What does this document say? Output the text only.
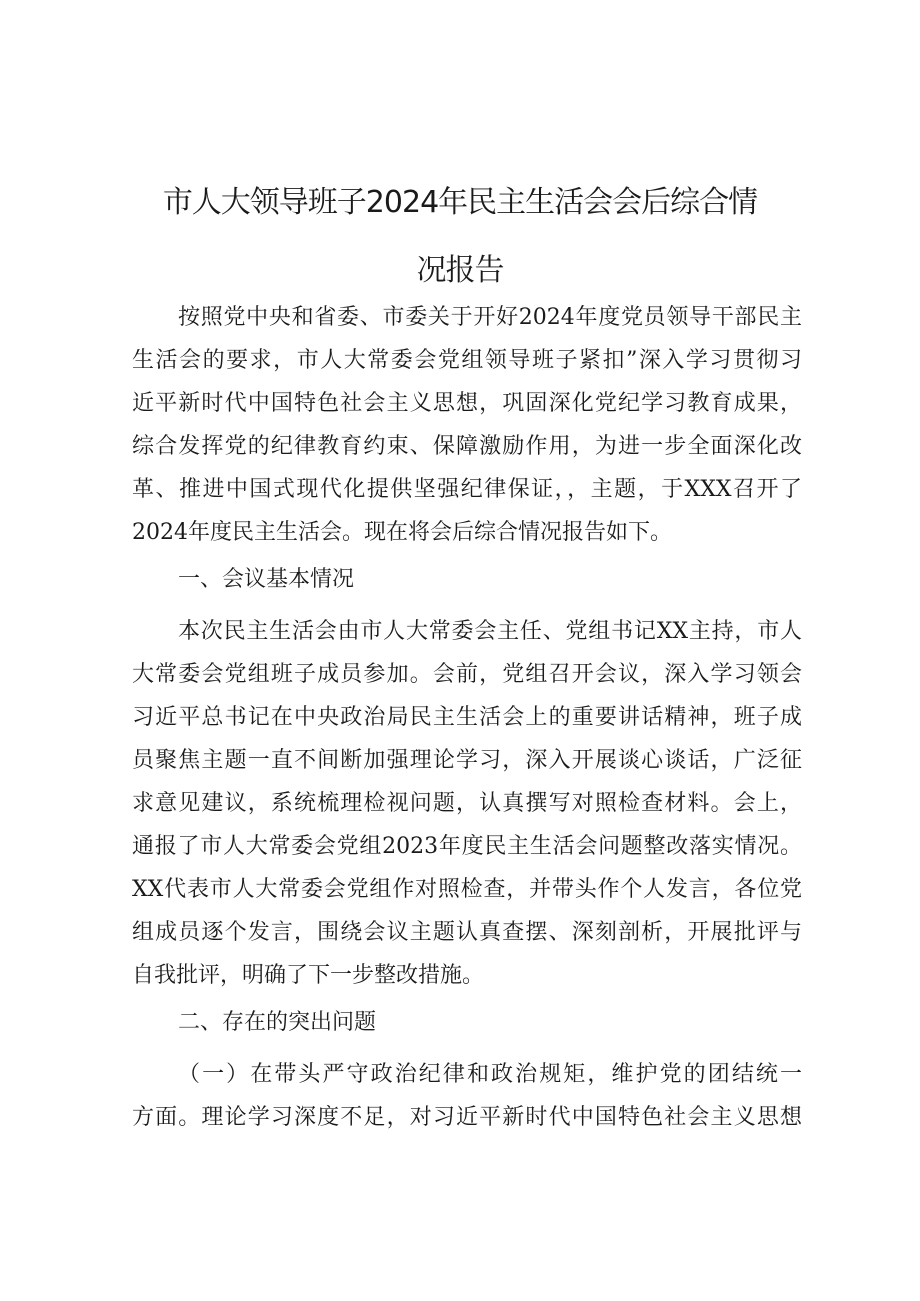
市人大领导班子2024年民主生活会会后综合情
况报告
按照党中央和省委、市委关于开好2024年度党员领导干部民主
生活会的要求，市人大常委会党组领导班子紧扣”深入学习贯彻习
近平新时代中国特色社会主义思想，巩固深化党纪学习教育成果，
综合发挥党的纪律教育约束、保障激励作用，为进一步全面深化改
革、推进中国式现代化提供坚强纪律保证，，主题，于XXX召开了
2024年度民主生活会。现在将会后综合情况报告如下。
一、会议基本情况
本次民主生活会由市人大常委会主任、党组书记XX主持，市人
大常委会党组班子成员参加。会前，党组召开会议，深入学习领会
习近平总书记在中央政治局民主生活会上的重要讲话精神，班子成
员聚焦主题一直不间断加强理论学习，深入开展谈心谈话，广泛征
求意见建议，系统梳理检视问题，认真撰写对照检查材料。会上，
通报了市人大常委会党组2023年度民主生活会问题整改落实情况。
XX代表市人大常委会党组作对照检查，并带头作个人发言，各位党
组成员逐个发言，围绕会议主题认真查摆、深刻剖析，开展批评与
自我批评，明确了下一步整改措施。
二、存在的突出问题
（一）在带头严守政治纪律和政治规矩，维护党的团结统一
方面。理论学习深度不足，对习近平新时代中国特色社会主义思想
